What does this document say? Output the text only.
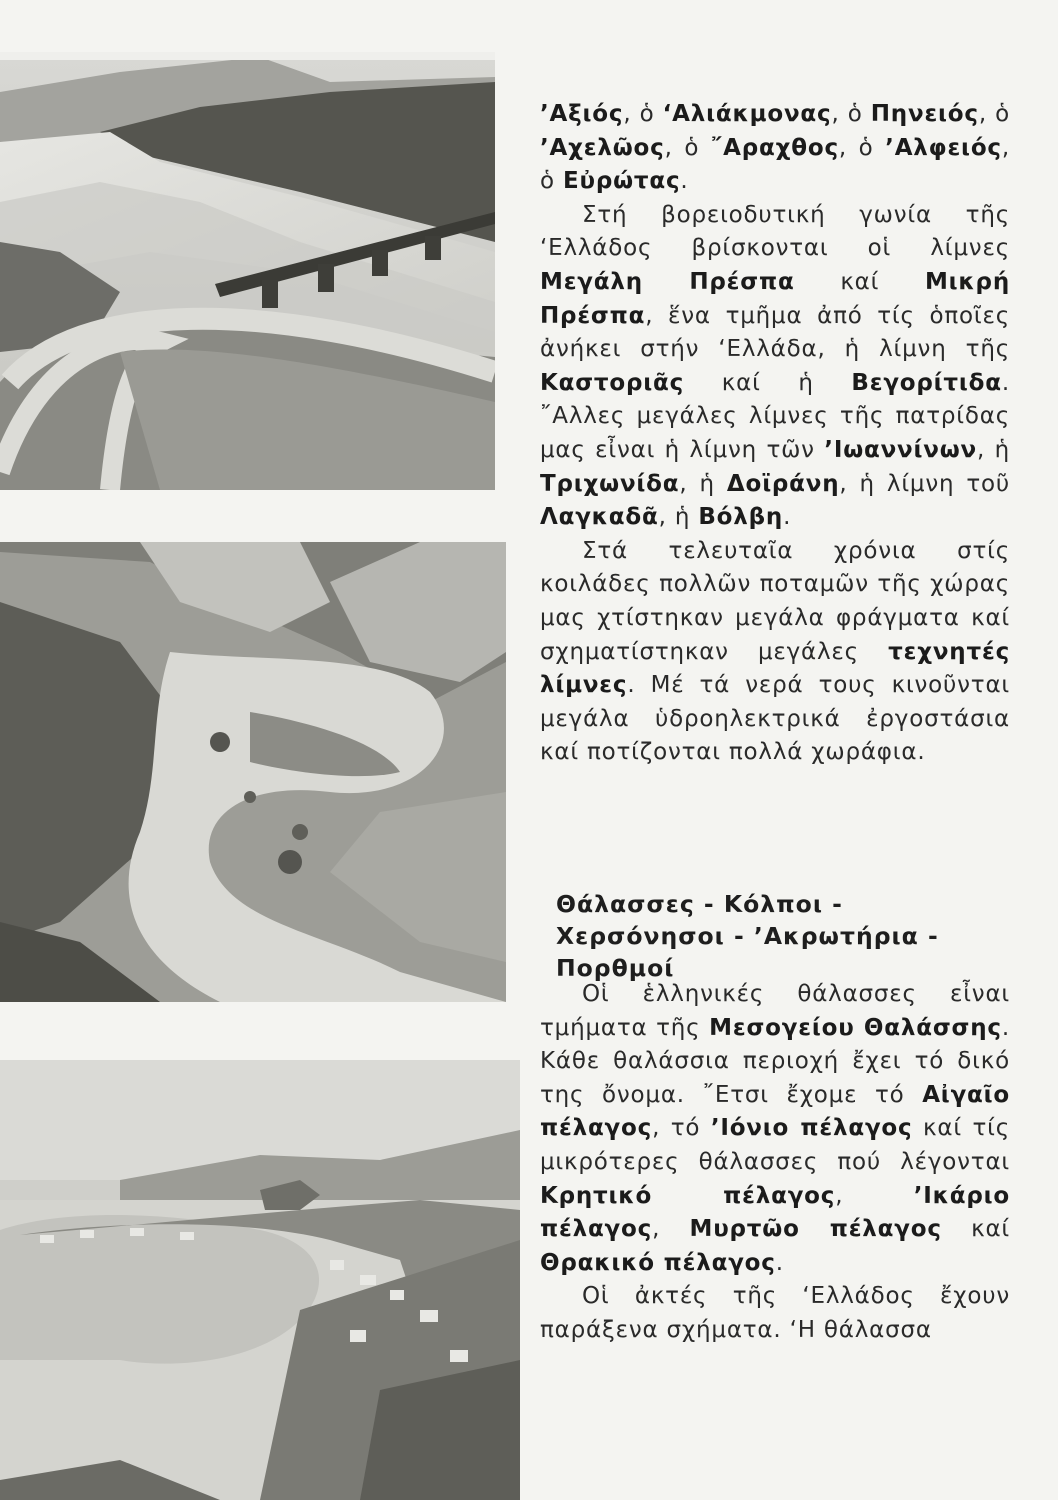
’Αξιός, ὁ ‘Αλιάκμονας, ὁ Πηνειός, ὁ ’Αχελῶος, ὁ ῎Αραχθος, ὁ ’Αλφειός, ὁ Εὐρώτας.

Στή βορειοδυτική γωνία τῆς ‘Ελλάδος βρίσκονται οἱ λίμνες Μεγάλη Πρέσπα καί Μικρή Πρέσπα, ἕνα τμῆμα ἀπό τίς ὁποῖες ἀνήκει στήν ‘Ελλάδα, ἡ λίμνη τῆς Καστοριᾶς καί ἡ Βεγορίτιδα. ῎Αλλες μεγάλες λίμνες τῆς πατρίδας μας εἶναι ἡ λίμνη τῶν ’Ιωαννίνων, ἡ Τριχωνίδα, ἡ Δοϊράνη, ἡ λίμνη τοῦ Λαγκαδᾶ, ἡ Βόλβη.

Στά τελευταῖα χρόνια στίς κοιλάδες πολλῶν ποταμῶν τῆς χώρας μας χτίστηκαν μεγάλα φράγματα καί σχηματίστηκαν μεγάλες τεχνητές λίμνες. Μέ τά νερά τους κινοῦνται μεγάλα ὑδροηλεκτρικά ἐργοστάσια καί ποτίζονται πολλά χωράφια.

Θάλασσες - Κόλποι - Χερσόνησοι - ’Ακρωτήρια - Πορθμοί

Οἱ ἑλληνικές θάλασσες εἶναι τμήματα τῆς Μεσογείου Θαλάσσης. Κάθε θαλάσσια περιοχή ἔχει τό δικό της ὄνομα. ῎Ετσι ἔχομε τό Αἰγαῖο πέλαγος, τό ’Ιόνιο πέλαγος καί τίς μικρότερες θάλασσες πού λέγονται Κρητικό πέλαγος, ’Ικάριο πέλαγος, Μυρτῶο πέλαγος καί Θρακικό πέλαγος.

Οἱ ἀκτές τῆς ‘Ελλάδος ἔχουν παράξενα σχήματα. ‘Η θάλασσα
